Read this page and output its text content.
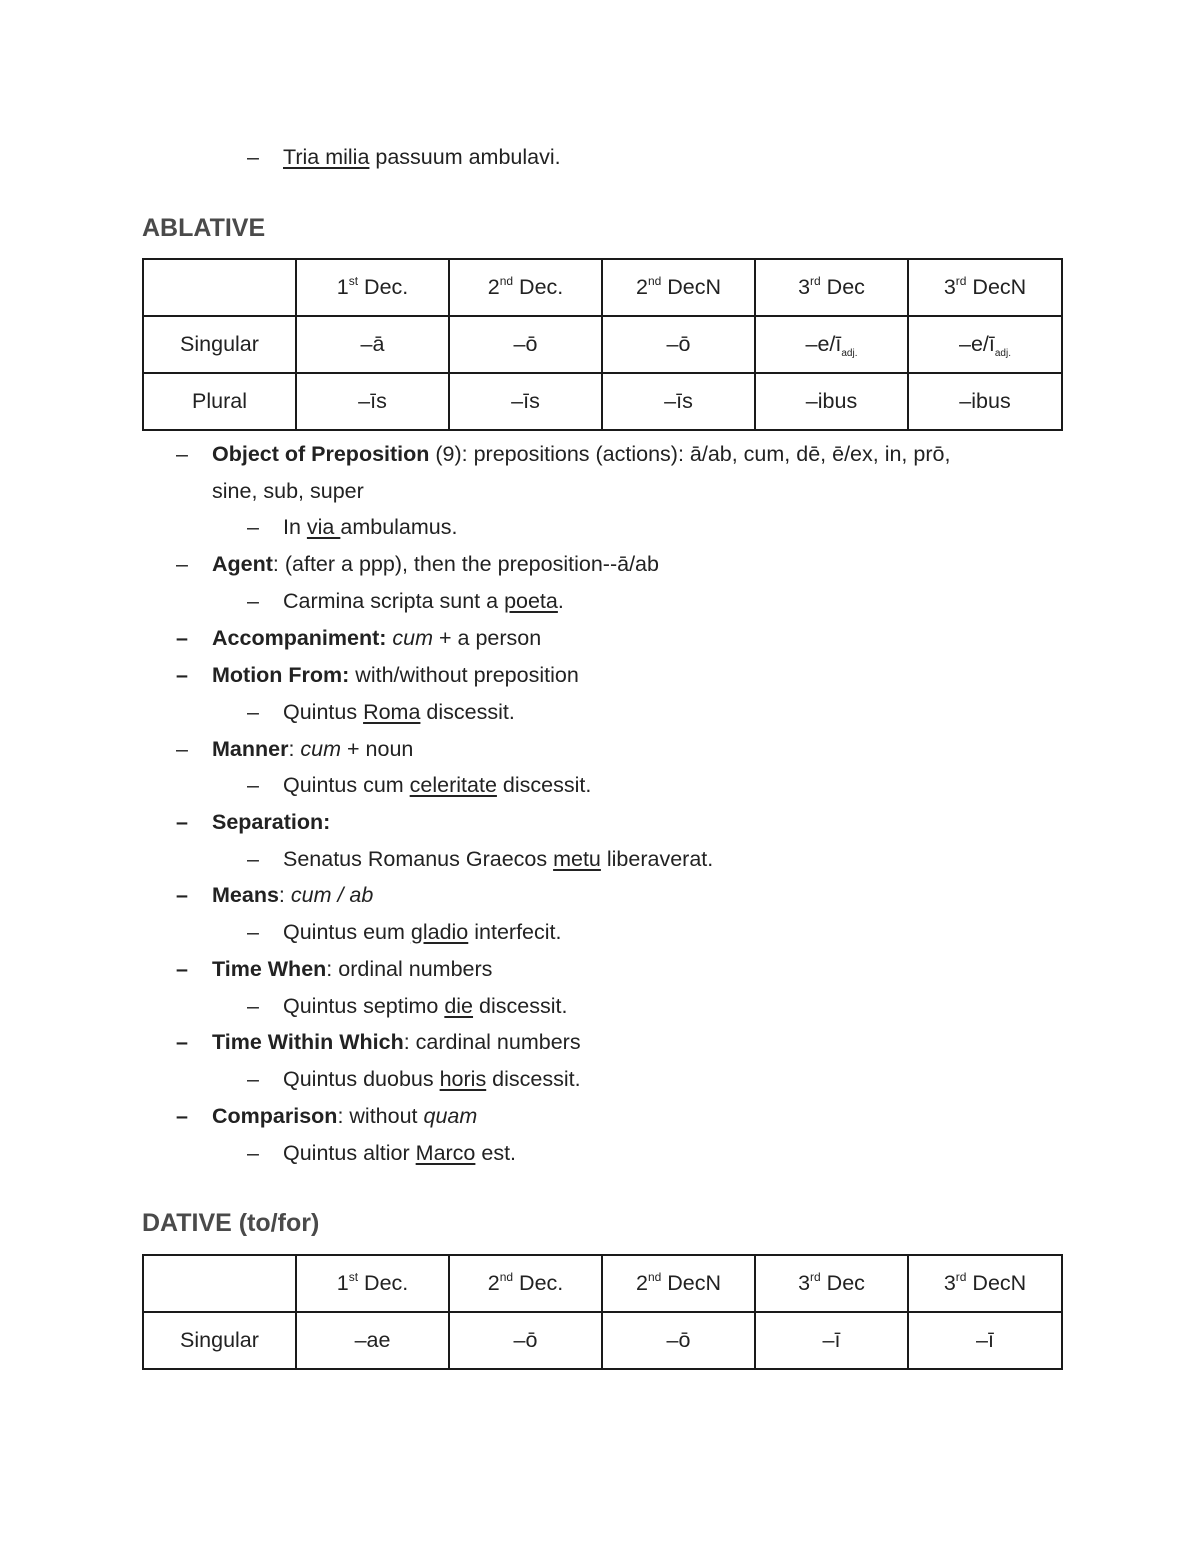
– Tria milia passuum ambulavi.
ABLATIVE
	1st Dec.	2nd Dec.	2nd DecN	3rd Dec	3rd DecN
Singular	–ā	–ō	–ō	$-e/ī_{adj.}$	$-e/ī_{adj.}$
Plural	–īs	–īs	–īs	–ibus	–ibus
– Object of Preposition (9): prepositions (actions): ā/ab, cum, dē, ē/ex, in, prō,
sine, sub, super
– In via ambulamus.
– Agent: (after a ppp), then the preposition--ā/ab
– Carmina scripta sunt a poeta.
– Accompaniment: cum + a person
– Motion From: with/without preposition
– Quintus Roma discessit.
– Manner: cum + noun
– Quintus cum celeritate discessit.
– Separation:
– Senatus Romanus Graecos metu liberaverat.
– Means: cum / ab
– Quintus eum gladio interfecit.
– Time When: ordinal numbers
– Quintus septimo die discessit.
– Time Within Which: cardinal numbers
– Quintus duobus horis discessit.
– Comparison: without quam
– Quintus altior Marco est.
DATIVE (to/for)
	1st Dec.	2nd Dec.	2nd DecN	3rd Dec	3rd DecN
Singular	–ae	–ō	–ō	–ī	–ī
